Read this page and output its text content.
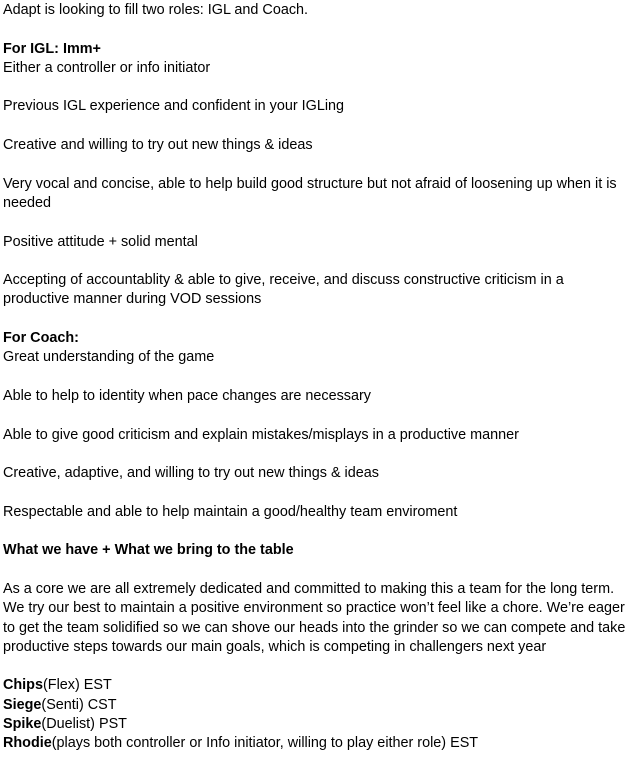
Adapt is looking to fill two roles: IGL and Coach.

For IGL: Imm+

Either a controller or info initiator

Previous IGL experience and confident in your IGLing

Creative and willing to try out new things & ideas

Very vocal and concise, able to help build good structure but not afraid of loosening up when it is needed

Positive attitude + solid mental

Accepting of accountablity & able to give, receive, and discuss constructive criticism in a productive manner during VOD sessions

For Coach:

Great understanding of the game

Able to help to identity when pace changes are necessary

Able to give good criticism and explain mistakes/misplays in a productive manner

Creative, adaptive, and willing to try out new things & ideas

Respectable and able to help maintain a good/healthy team enviroment

What we have + What we bring to the table

As a core we are all extremely dedicated and committed to making this a team for the long term. We try our best to maintain a positive environment so practice won’t feel like a chore. We’re eager to get the team solidified so we can shove our heads into the grinder so we can compete and take productive steps towards our main goals, which is competing in challengers next year

Chips(Flex) EST
Siege(Senti) CST
Spike(Duelist) PST
Rhodie(plays both controller or Info initiator, willing to play either role) EST
